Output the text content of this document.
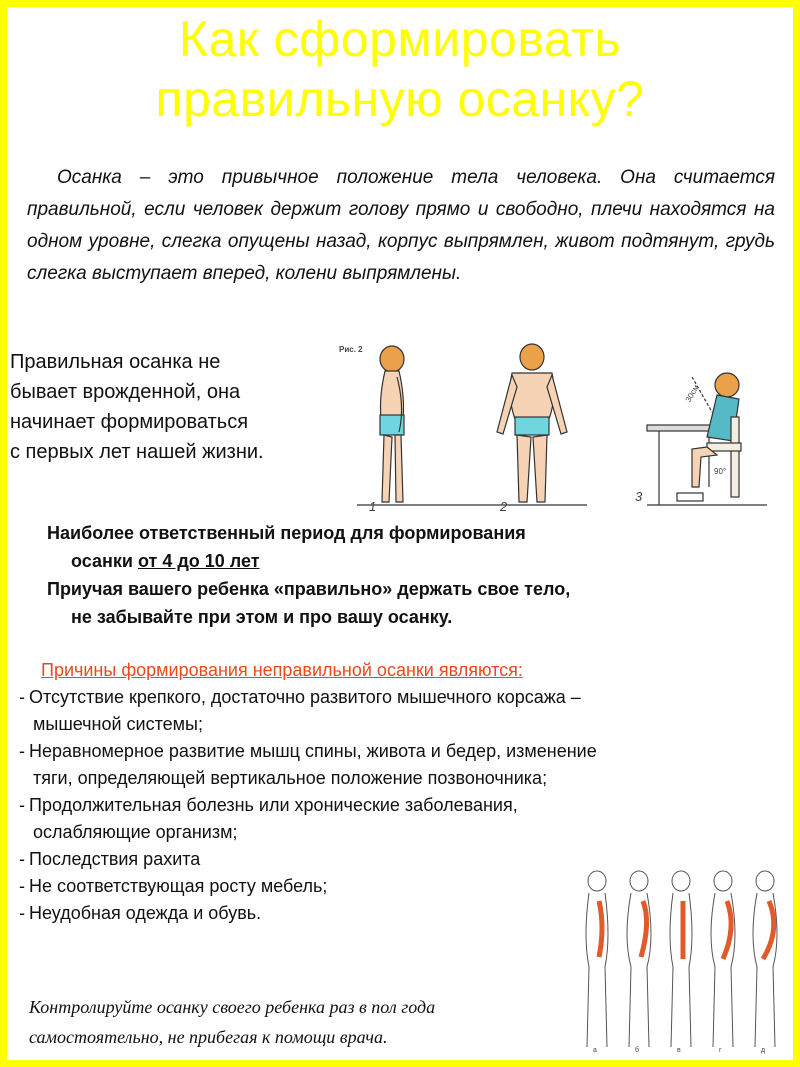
Как сформировать
правильную осанку?
Осанка – это привычное положение тела человека. Она считается правильной, если человек держит голову прямо и свободно, плечи находятся на одном уровне, слегка опущены назад, корпус выпрямлен, живот подтянут, грудь слегка выступает вперед, колени выпрямлены.
Правильная осанка не
бывает врожденной, она
начинает формироваться
с первых лет нашей жизни.
Рис. 2
1	2
3
30см
90°
Наиболее ответственный период для формирования
осанки от 4 до 10 лет
Приучая вашего ребенка «правильно» держать свое тело,
не забывайте при этом и про вашу осанку.
Причины формирования неправильной осанки являются:
- Отсутствие крепкого, достаточно развитого мышечного корсажа –
мышечной системы;
- Неравномерное развитие мышц спины, живота и бедер, изменение
тяги, определяющей вертикальное положение позвоночника;
- Продолжительная болезнь или хронические заболевания,
ослабляющие организм;
- Последствия рахита
- Не соответствующая росту мебель;
- Неудобная одежда и обувь.
а	б	в	г	д
Контролируйте осанку своего ребенка раз в пол года
самостоятельно, не прибегая к помощи врача.
